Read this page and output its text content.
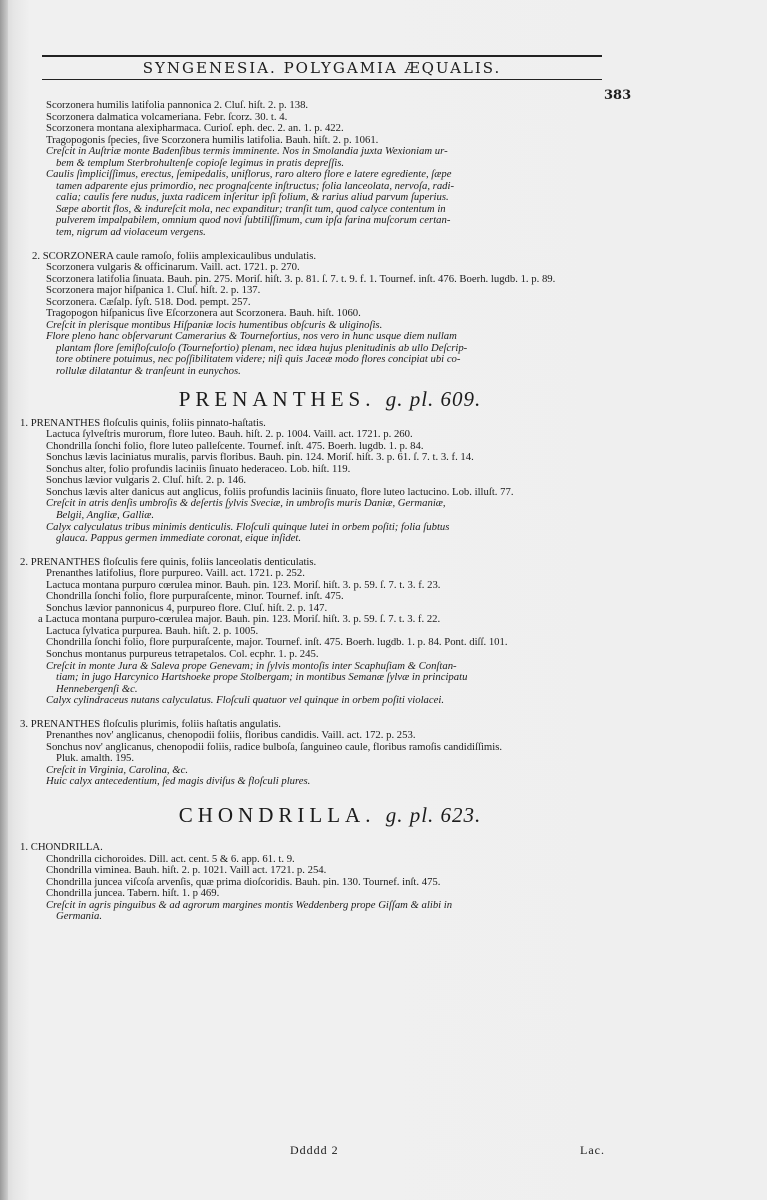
SYNGENESIA. POLYGAMIA ÆQUALIS.
383
Scorzonera humilis latifolia pannonica 2. Cluſ. hiſt. 2. p. 138.
Scorzonera dalmatica volcameriana. Febr. ſcorz. 30. t. 4.
Scorzonera montana alexipharmaca. Curioſ. eph. dec. 2. an. 1. p. 422.
Tragopogonis ſpecies, ſive Scorzonera humilis latifolia. Bauh. hiſt. 2. p. 1061.
Creſcit in Auſtriæ monte Badenſibus termis imminente. Nos in Smolandia juxta Wexioniam ur-
bem & templum Sterbrohultenſe copioſe legimus in pratis depreſſis.
Caulis ſimpliciſſimus, erectus, ſemipedalis, uniflorus, raro altero flore e latere egrediente, ſæpe
tamen adparente ejus primordio, nec prognaſcente inſtructus; folia lanceolata, nervoſa, radi-
calia; caulis fere nudus, juxta radicem inſeritur ipſi folium, & rarius aliud parvum ſuperius.
Sæpe abortit flos, & indureſcit mola, nec expanditur; tranſit tum, quod calyce contentum in
pulverem impalpabilem, omnium quod novi ſubtiliſſimum, cum ipſa farina muſcorum certan-
tem, nigrum ad violaceum vergens.
2. SCORZONERA caule ramoſo, foliis amplexicaulibus undulatis.
Scorzonera vulgaris & officinarum. Vaill. act. 1721. p. 270.
Scorzonera latifolia ſinuata. Bauh. pin. 275. Moriſ. hiſt. 3. p. 81. ſ. 7. t. 9. f. 1. Tournef. inſt. 476. Boerh. lugdb. 1. p. 89.
Scorzonera major hiſpanica 1. Cluſ. hiſt. 2. p. 137.
Scorzonera. Cæſalp. ſyſt. 518. Dod. pempt. 257.
Tragopogon hiſpanicus ſive Eſcorzonera aut Scorzonera. Bauh. hiſt. 1060.
Creſcit in plerisque montibus Hiſpaniæ locis humentibus obſcuris & uliginoſis.
Flore pleno hanc obſervarunt Camerarius & Tournefortius, nos vero in hunc usque diem nullam
plantam flore ſemifloſculoſo (Tournefortio) plenam, nec idæa hujus plenitudinis ab ullo Deſcrip-
tore obtinere potuimus, nec poſſibilitatem videre; niſi quis Jaceæ modo flores concipiat ubi co-
rollulæ dilatantur & tranſeunt in eunychos.
PRENANTHES. g. pl. 609.
1. PRENANTHES floſculis quinis, foliis pinnato-haſtatis.
Lactuca ſylveſtris murorum, flore luteo. Bauh. hiſt. 2. p. 1004. Vaill. act. 1721. p. 260.
Chondrilla ſonchi folio, flore luteo palleſcente. Tournef. inſt. 475. Boerh. lugdb. 1. p. 84.
Sonchus lævis laciniatus muralis, parvis floribus. Bauh. pin. 124. Moriſ. hiſt. 3. p. 61. ſ. 7. t. 3. f. 14.
Sonchus alter, folio profundis laciniis ſinuato hederaceo. Lob. hiſt. 119.
Sonchus lævior vulgaris 2. Cluſ. hiſt. 2. p. 146.
Sonchus lævis alter danicus aut anglicus, foliis profundis laciniis ſinuato, flore luteo lactucino. Lob. illuſt. 77.
Creſcit in atris denſis umbroſis & deſertis ſylvis Sveciæ, in umbroſis muris Daniæ, Germaniæ,
Belgii, Angliæ, Galliæ.
Calyx calyculatus tribus minimis denticulis. Floſculi quinque lutei in orbem poſiti; folia ſubtus
glauca. Pappus germen immediate coronat, eique inſidet.
2. PRENANTHES floſculis fere quinis, foliis lanceolatis denticulatis.
Prenanthes latifolius, flore purpureo. Vaill. act. 1721. p. 252.
Lactuca montana purpuro cœrulea minor. Bauh. pin. 123. Moriſ. hiſt. 3. p. 59. ſ. 7. t. 3. f. 23.
Chondrilla ſonchi folio, flore purpuraſcente, minor. Tournef. inſt. 475.
Sonchus lævior pannonicus 4, purpureo flore. Cluſ. hiſt. 2. p. 147.
a Lactuca montana purpuro-cœrulea major. Bauh. pin. 123. Moriſ. hiſt. 3. p. 59. ſ. 7. t. 3. f. 22.
Lactuca ſylvatica purpurea. Bauh. hiſt. 2. p. 1005.
Chondrilla ſonchi folio, flore purpuraſcente, major. Tournef. inſt. 475. Boerh. lugdb. 1. p. 84. Pont. diſſ. 101.
Sonchus montanus purpureus tetrapetalos. Col. ecphr. 1. p. 245.
Creſcit in monte Jura & Saleva prope Genevam; in ſylvis montoſis inter Scaphuſiam & Conſtan-
tiam; in jugo Harcynico Hartshoeke prope Stolbergam; in montibus Semanæ ſylvæ in principatu
Hennebergenſi &c.
Calyx cylindraceus nutans calyculatus. Floſculi quatuor vel quinque in orbem poſiti violacei.
3. PRENANTHES floſculis plurimis, foliis haſtatis angulatis.
Prenanthes nov' anglicanus, chenopodii foliis, floribus candidis. Vaill. act. 172. p. 253.
Sonchus nov' anglicanus, chenopodii foliis, radice bulboſa, ſanguineo caule, floribus ramoſis candidiſſimis.
Pluk. amalth. 195.
Creſcit in Virginia, Carolina, &c.
Huic calyx antecedentium, ſed magis diviſus & floſculi plures.
CHONDRILLA. g. pl. 623.
1. CHONDRILLA.
Chondrilla cichoroides. Dill. act. cent. 5 & 6. app. 61. t. 9.
Chondrilla viminea. Bauh. hiſt. 2. p. 1021. Vaill act. 1721. p. 254.
Chondrilla juncea viſcoſa arvenſis, quæ prima dioſcoridis. Bauh. pin. 130. Tournef. inſt. 475.
Chondrilla juncea. Tabern. hiſt. 1. p 469.
Creſcit in agris pinguibus & ad agrorum margines montis Weddenberg prope Giſſam & alibi in
Germania.
Ddddd 2	Lac.
